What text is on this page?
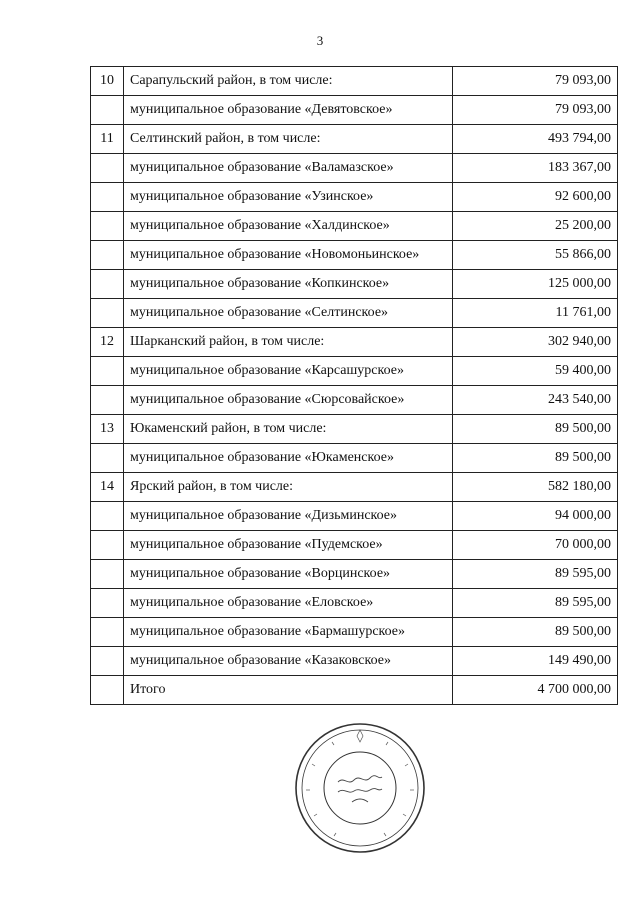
3
10	Сарапульский район, в том числе:	79 093,00
	муниципальное образование «Девятовское»	79 093,00
11	Селтинский район, в том числе:	493 794,00
	муниципальное образование «Валамазское»	183 367,00
	муниципальное образование «Узинское»	92 600,00
	муниципальное образование «Халдинское»	25 200,00
	муниципальное образование «Новомоньинское»	55 866,00
	муниципальное образование «Копкинское»	125 000,00
	муниципальное образование «Селтинское»	11 761,00
12	Шарканский район, в том числе:	302 940,00
	муниципальное образование «Карсашурское»	59 400,00
	муниципальное образование «Сюрсовайское»	243 540,00
13	Юкаменский район, в том числе:	89 500,00
	муниципальное образование «Юкаменское»	89 500,00
14	Ярский район, в том числе:	582 180,00
	муниципальное образование «Дизьминское»	94 000,00
	муниципальное образование «Пудемское»	70 000,00
	муниципальное образование «Ворцинское»	89 595,00
	муниципальное образование «Еловское»	89 595,00
	муниципальное образование «Бармашурское»	89 500,00
	муниципальное образование «Казаковское»	149 490,00
	Итого	4 700 000,00
